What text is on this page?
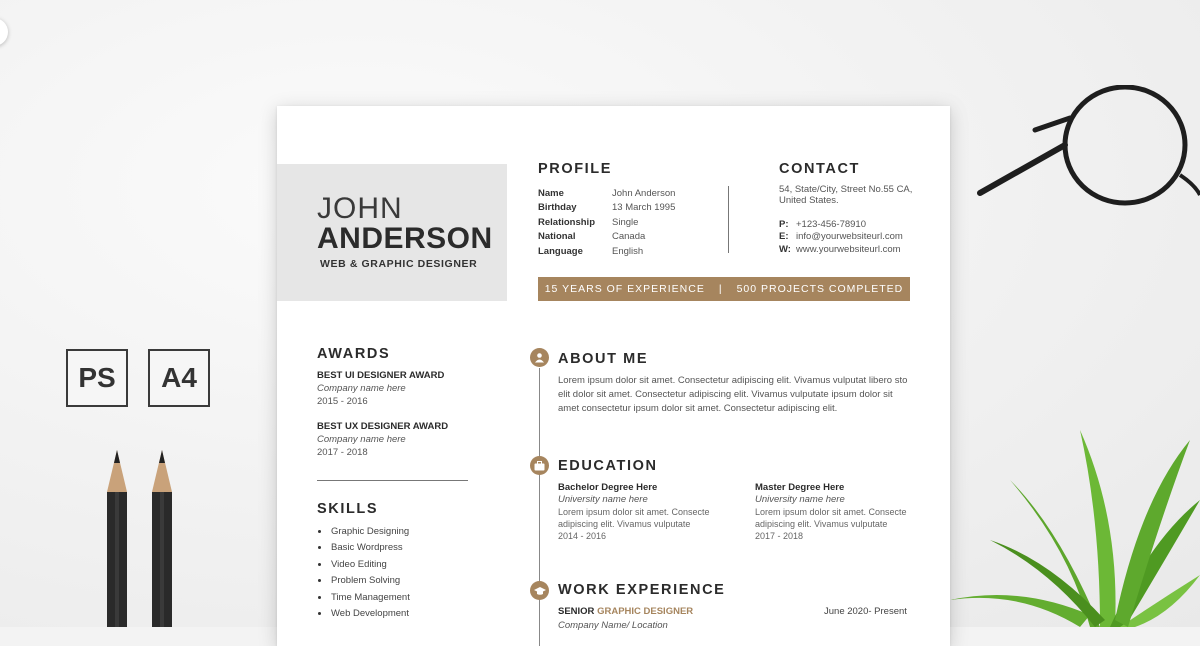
PS A4
JOHN
ANDERSON
WEB & GRAPHIC DESIGNER
PROFILE
Name	John Anderson
Birthday	13 March 1995
Relationship	Single
National	Canada
Language	English
CONTACT
54, State/City, Street No.55 CA, United States.
P: +123-456-78910
E: info@yourwebsiteurl.com
W: www.yourwebsiteurl.com
15 YEARS OF EXPERIENCE | 500 PROJECTS COMPLETED
AWARDS
BEST UI DESIGNER AWARD
Company name here
2015 - 2016
BEST UX DESIGNER AWARD
Company name here
2017 - 2018
SKILLS
Graphic Designing
Basic Wordpress
Video Editing
Problem Solving
Time Management
Web Development
ABOUT ME
Lorem ipsum dolor sit amet. Consectetur adipiscing elit. Vivamus vulputat libero sto elit dolor sit amet. Consectetur adipiscing elit. Vivamus vulputate ipsum dolor sit amet consectetur ipsum dolor sit amet. Consectetur adipiscing elit.
EDUCATION
Bachelor Degree Here
University name here
Lorem ipsum dolor sit amet. Consecte adipiscing elit. Vivamus vulputate
2014 - 2016
Master Degree Here
University name here
Lorem ipsum dolor sit amet. Consecte adipiscing elit. Vivamus vulputate
2017 - 2018
WORK EXPERIENCE
SENIOR GRAPHIC DESIGNER	June 2020- Present
Company Name/ Location
